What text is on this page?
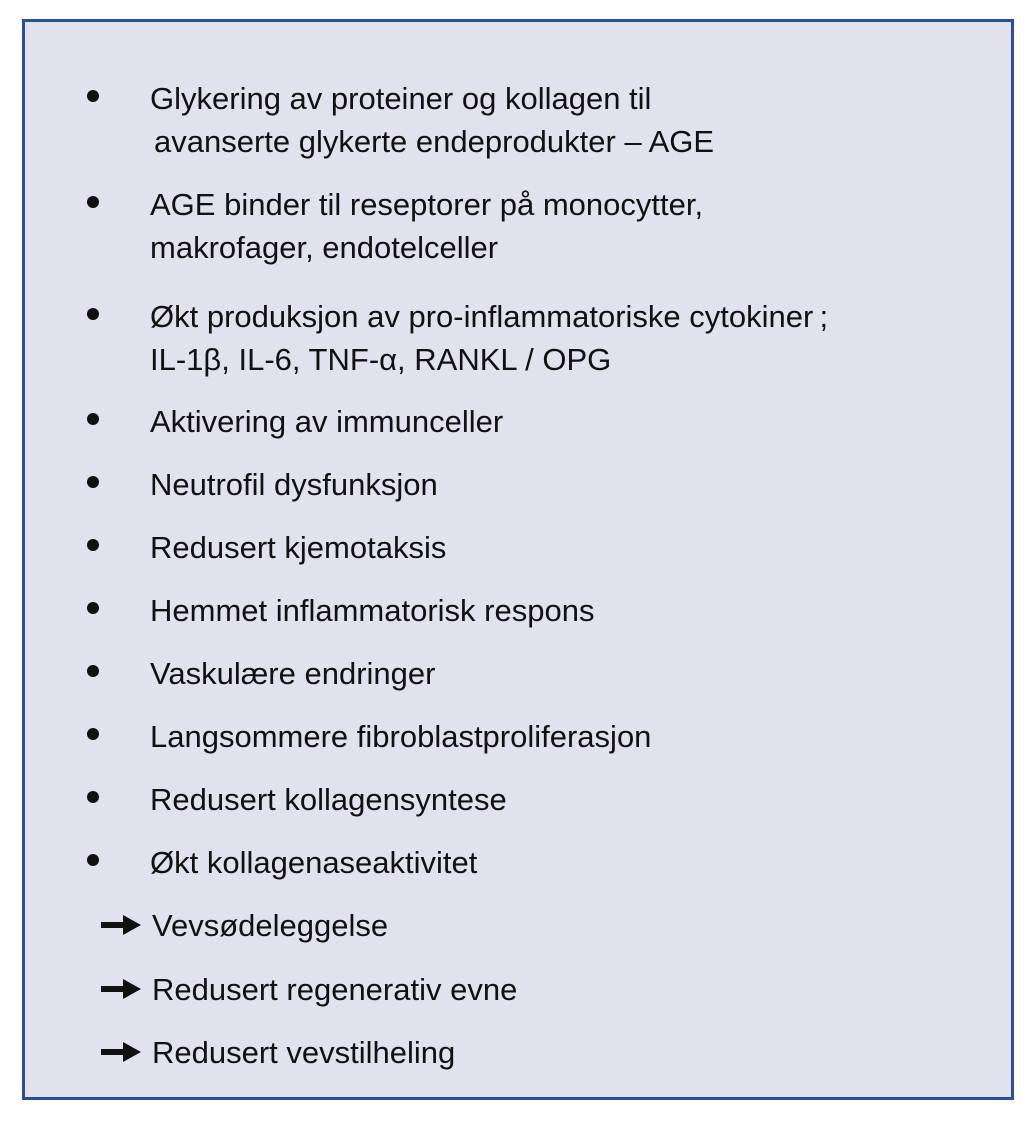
Glykering av proteiner og kollagen til
avanserte glykerte endeprodukter – AGE
AGE binder til reseptorer på monocytter,
makrofager, endotelceller
Økt produksjon av pro-inflammatoriske cytokiner ;
IL-1β, IL-6, TNF-α, RANKL / OPG
Aktivering av immunceller
Neutrofil dysfunksjon
Redusert kjemotaksis
Hemmet inflammatorisk respons
Vaskulære endringer
Langsommere fibroblastproliferasjon
Redusert kollagensyntese
Økt kollagenaseaktivitet
Vevsødeleggelse
Redusert regenerativ evne
Redusert vevstilheling
